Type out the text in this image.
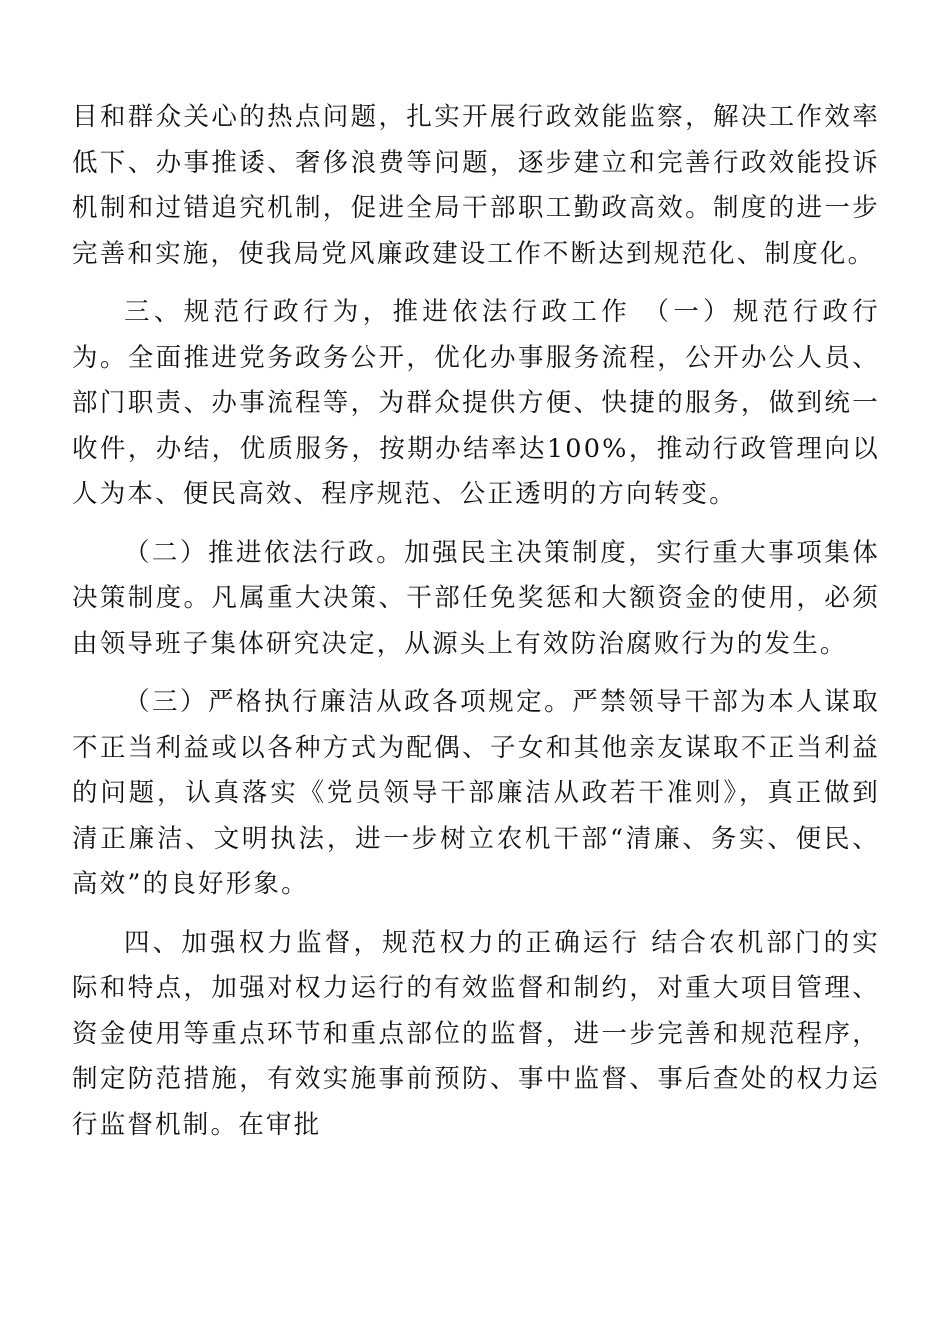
目和群众关心的热点问题，扎实开展行政效能监察，解决工作效率低下、办事推诿、奢侈浪费等问题，逐步建立和完善行政效能投诉机制和过错追究机制，促进全局干部职工勤政高效。制度的进一步完善和实施，使我局党风廉政建设工作不断达到规范化、制度化。

三、规范行政行为，推进依法行政工作 （一）规范行政行为。全面推进党务政务公开，优化办事服务流程，公开办公人员、部门职责、办事流程等，为群众提供方便、快捷的服务，做到统一收件，办结，优质服务，按期办结率达100%，推动行政管理向以人为本、便民高效、程序规范、公正透明的方向转变。

（二）推进依法行政。加强民主决策制度，实行重大事项集体决策制度。凡属重大决策、干部任免奖惩和大额资金的使用，必须由领导班子集体研究决定，从源头上有效防治腐败行为的发生。

（三）严格执行廉洁从政各项规定。严禁领导干部为本人谋取不正当利益或以各种方式为配偶、子女和其他亲友谋取不正当利益的问题，认真落实《党员领导干部廉洁从政若干准则》，真正做到清正廉洁、文明执法，进一步树立农机干部“清廉、务实、便民、高效”的良好形象。

四、加强权力监督，规范权力的正确运行 结合农机部门的实际和特点，加强对权力运行的有效监督和制约，对重大项目管理、资金使用等重点环节和重点部位的监督，进一步完善和规范程序，制定防范措施，有效实施事前预防、事中监督、事后查处的权力运行监督机制。在审批
